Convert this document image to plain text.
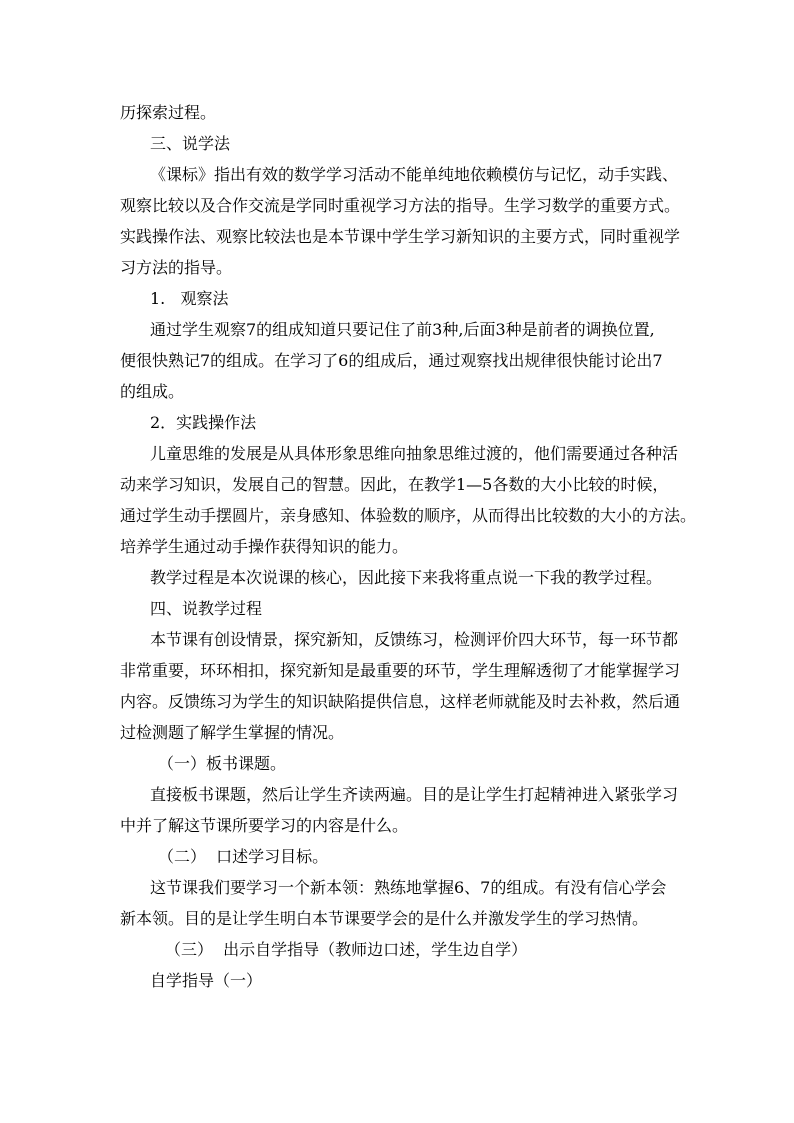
历探索过程。

三、说学法

《课标》指出有效的数学学习活动不能单纯地依赖模仿与记忆，动手实践、

观察比较以及合作交流是学同时重视学习方法的指导。生学习数学的重要方式。

实践操作法、观察比较法也是本节课中学生学习新知识的主要方式，同时重视学

习方法的指导。

1.   观察法

通过学生观察7的组成知道只要记住了前3种,后面3种是前者的调换位置,

便很快熟记7的组成。在学习了6的组成后，通过观察找出规律很快能讨论出7

的组成。

2．实践操作法

儿童思维的发展是从具体形象思维向抽象思维过渡的，他们需要通过各种活

动来学习知识，发展自己的智慧。因此，在教学1—5各数的大小比较的时候，

通过学生动手摆圆片，亲身感知、体验数的顺序，从而得出比较数的大小的方法。

培养学生通过动手操作获得知识的能力。

教学过程是本次说课的核心，因此接下来我将重点说一下我的教学过程。

四、说教学过程

本节课有创设情景，探究新知，反馈练习，检测评价四大环节，每一环节都

非常重要，环环相扣，探究新知是最重要的环节，学生理解透彻了才能掌握学习

内容。反馈练习为学生的知识缺陷提供信息，这样老师就能及时去补救，然后通

过检测题了解学生掌握的情况。

（一）板书课题。

直接板书课题，然后让学生齐读两遍。目的是让学生打起精神进入紧张学习

中并了解这节课所要学习的内容是什么。

（二）  口述学习目标。

这节课我们要学习一个新本领：熟练地掌握6、7的组成。有没有信心学会

新本领。目的是让学生明白本节课要学会的是什么并激发学生的学习热情。

（三）  出示自学指导（教师边口述，学生边自学）

自学指导（一）
